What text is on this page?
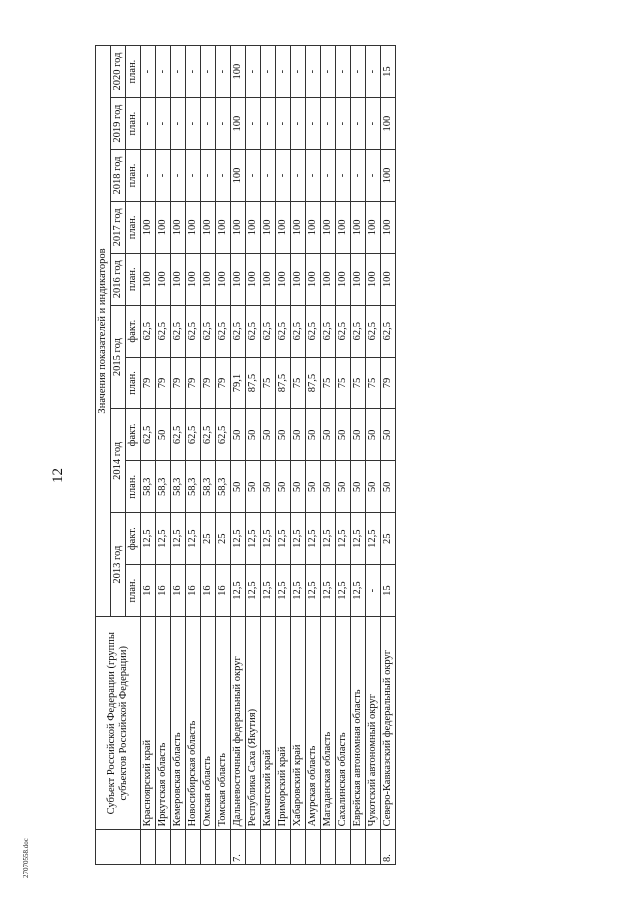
12
27070558.doc
	Субъект Российской Федерации (группы субъектов Российской Федерации)	Значения показателей и индикаторов										
		2013 год		2014 год		2015 год		2016 год	2017 год	2018 год	2019 год	2020 год
		план.	факт.	план.	факт.	план.	факт.	план.	план.	план.	план.	план.
	Красноярский край	16	12,5	58,3	62,5	79	62,5	100	100	-	-	-
	Иркутская область	16	12,5	58,3	50	79	62,5	100	100	-	-	-
	Кемеровская область	16	12,5	58,3	62,5	79	62,5	100	100	-	-	-
	Новосибирская область	16	12,5	58,3	62,5	79	62,5	100	100	-	-	-
	Омская область	16	25	58,3	62,5	79	62,5	100	100	-	-	-
	Томская область	16	25	58,3	62,5	79	62,5	100	100	-	-	-
7.	Дальневосточный федеральный округ	12,5	12,5	50	50	79,1	62,5	100	100	100	100	100
	Республика Саха (Якутия)	12,5	12,5	50	50	87,5	62,5	100	100	-	-	-
	Камчатский край	12,5	12,5	50	50	75	62,5	100	100	-	-	-
	Приморский край	12,5	12,5	50	50	87,5	62,5	100	100	-	-	-
	Хабаровский край	12,5	12,5	50	50	75	62,5	100	100	-	-	-
	Амурская область	12,5	12,5	50	50	87,5	62,5	100	100	-	-	-
	Магаданская область	12,5	12,5	50	50	75	62,5	100	100	-	-	-
	Сахалинская область	12,5	12,5	50	50	75	62,5	100	100	-	-	-
	Еврейская автономная область	12,5	12,5	50	50	75	62,5	100	100	-	-	-
	Чукотский автономный округ	-	12,5	50	50	75	62,5	100	100	-	-	-
8.	Северо-Кавказский федеральный округ	15	25	50	50	79	62,5	100	100	100	100	15
